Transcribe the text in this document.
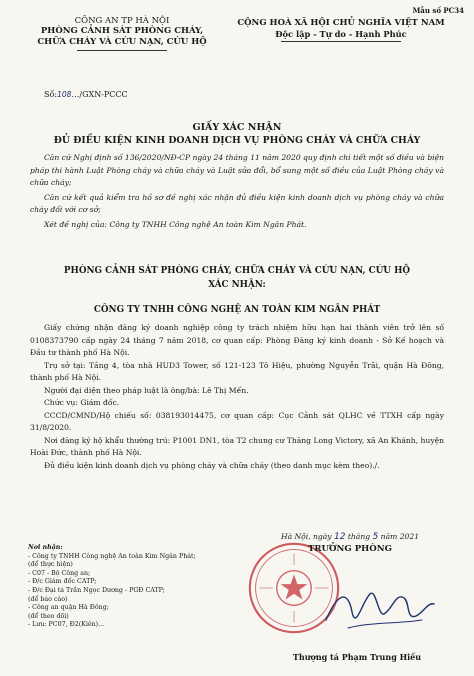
Mẫu số PC34
CÔNG AN TP HÀ NỘI
PHÒNG CẢNH SÁT PHÒNG CHÁY,
CHỮA CHÁY VÀ CỨU NẠN, CỨU HỘ
CỘNG HOÀ XÃ HỘI CHỦ NGHĨA VIỆT NAM
Độc lập - Tự do - Hạnh Phúc
Số:108…/GXN-PCCC
GIẤY XÁC NHẬN
ĐỦ ĐIỀU KIỆN KINH DOANH DỊCH VỤ PHÒNG CHÁY VÀ CHỮA CHÁY
Căn cứ Nghị định số 136/2020/NĐ-CP ngày 24 tháng 11 năm 2020 quy định chi tiết một số điều và biện pháp thi hành Luật Phòng cháy và chữa cháy và Luật sửa đổi, bổ sung một số điều của Luật Phòng cháy và chữa cháy;
Căn cứ kết quả kiểm tra hồ sơ đề nghị xác nhận đủ điều kiện kinh doanh dịch vụ phòng cháy và chữa cháy đối với cơ sở;
Xét đề nghị của: Công ty TNHH Công nghệ An toàn Kim Ngân Phát.
PHÒNG CẢNH SÁT PHÒNG CHÁY, CHỮA CHÁY VÀ CỨU NẠN, CỨU HỘ
XÁC NHẬN:
CÔNG TY TNHH CÔNG NGHỆ AN TOÀN KIM NGÂN PHÁT
Giấy chứng nhận đăng ký doanh nghiệp công ty trách nhiệm hữu hạn hai thành viên trở lên số 0108373790 cấp ngày 24 tháng 7 năm 2018, cơ quan cấp: Phòng Đăng ký kinh doanh - Sở Kế hoạch và Đầu tư thành phố Hà Nội.
Trụ sở tại: Tầng 4, tòa nhà HUD3 Tower, số 121-123 Tô Hiệu, phường Nguyễn Trãi, quận Hà Đông, thành phố Hà Nội.
Người đại diện theo pháp luật là ông/bà: Lê Thị Mến.
Chức vụ: Giám đốc.
CCCD/CMND/Hộ chiếu số: 038193014475, cơ quan cấp: Cục Cảnh sát QLHC về TTXH cấp ngày 31/8/2020.
Nơi đăng ký hộ khẩu thường trú: P1001 DN1, tòa T2 chung cư Thăng Long Victory, xã An Khánh, huyện Hoài Đức, thành phố Hà Nội.
Đủ điều kiện kinh doanh dịch vụ phòng cháy và chữa cháy (theo danh mục kèm theo)./.
Nơi nhận:
- Công ty TNHH Công nghệ An toàn Kim Ngân Phát;
(để thực hiện)
- C07 - Bộ Công an;
- Đ/c Giám đốc CATP;
- Đ/c Đại tá Trần Ngọc Dương - PGĐ CATP;
(để báo cáo)
- Công an quận Hà Đông;
(để theo dõi)
- Lưu: PC07, Đ2(Kiên)...
Hà Nội, ngày 12 tháng 5 năm 2021
TRƯỞNG PHÒNG
Thượng tá Phạm Trung Hiếu
